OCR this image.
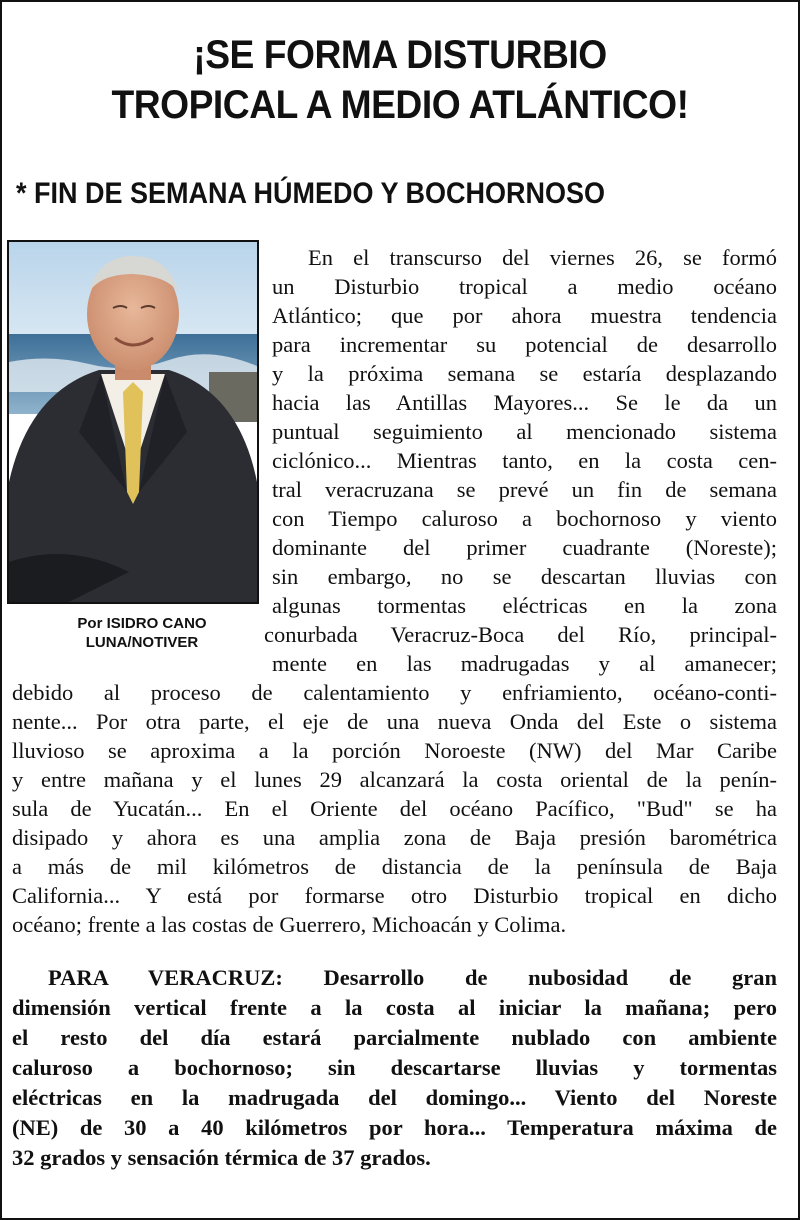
¡SE FORMA DISTURBIO
TROPICAL A MEDIO ATLÁNTICO!
* FIN DE SEMANA HÚMEDO Y BOCHORNOSO
Por ISIDRO CANO
LUNA/NOTIVER
En el transcurso del viernes 26, se formó
un Disturbio tropical a medio océano
Atlántico; que por ahora muestra tendencia
para incrementar su potencial de desarrollo
y la próxima semana se estaría desplazando
hacia las Antillas Mayores... Se le da un
puntual seguimiento al mencionado sistema
ciclónico... Mientras tanto, en la costa cen-
tral veracruzana se prevé un fin de semana
con Tiempo caluroso a bochornoso y viento
dominante del primer cuadrante (Noreste);
sin embargo, no se descartan lluvias con
algunas tormentas eléctricas en la zona
conurbada Veracruz-Boca del Río, principal-
mente en las madrugadas y al amanecer;
debido al proceso de calentamiento y enfriamiento, océano-conti-
nente... Por otra parte, el eje de una nueva Onda del Este o sistema
lluvioso se aproxima a la porción Noroeste (NW) del Mar Caribe
y entre mañana y el lunes 29 alcanzará la costa oriental de la penín-
sula de Yucatán... En el Oriente del océano Pacífico, "Bud" se ha
disipado y ahora es una amplia zona de Baja presión barométrica
a más de mil kilómetros de distancia de la península de Baja
California... Y está por formarse otro Disturbio tropical en dicho
océano; frente a las costas de Guerrero, Michoacán y Colima.
PARA VERACRUZ: Desarrollo de nubosidad de gran
dimensión vertical frente a la costa al iniciar la mañana; pero
el resto del día estará parcialmente nublado con ambiente
caluroso a bochornoso; sin descartarse lluvias y tormentas
eléctricas en la madrugada del domingo... Viento del Noreste
(NE) de 30 a 40 kilómetros por hora... Temperatura máxima de
32 grados y sensación térmica de 37 grados.
